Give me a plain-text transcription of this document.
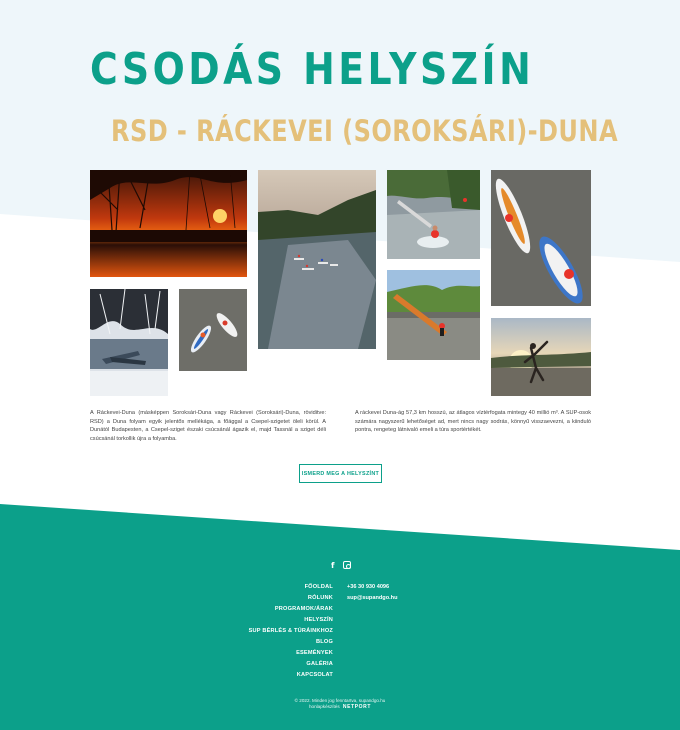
CSODÁS HELYSZÍN
RSD - RÁCKEVEI (SOROKSÁRI)-DUNA

A Ráckevei-Duna (másképpen Soroksári-Duna vagy Ráckevei (Soroksári)-Duna, röviditve: RSD) a Duna folyam egyik jelentős mellékága, a főággal a Csepel-szigetet öleli körül. A Dunától Budapesten, a Csepel-sziget északi csúcsánál ágazik el, majd Tassnál a sziget déli csúcsánál torkollik újra a folyamba.

A ráckevei Duna-ág 57,3 km hosszú, az átlagos víztérfogata mintegy 40 millió m³. A SUP-osok számára nagyszerű lehetőséget ad, mert nincs nagy sodrás, könnyű visszaevezni, a kiinduló pontra, rengeteg látnivaló emeli a túra sportértékét.

ISMERD MEG A HELYSZÍNT
f
FŐOLDAL
RÓLUNK
PROGRAMOK/ÁRAK
HELYSZÍN
SUP BÉRLÉS & TÚRÁINKHOZ
BLOG
ESEMÉNYEK
GALÉRIA
KAPCSOLAT
+36 30 930 4096
sup@supandgo.hu
© 2022. Minden jog fenntartva, supandgo.hu
honlapkészítés NETPORT
